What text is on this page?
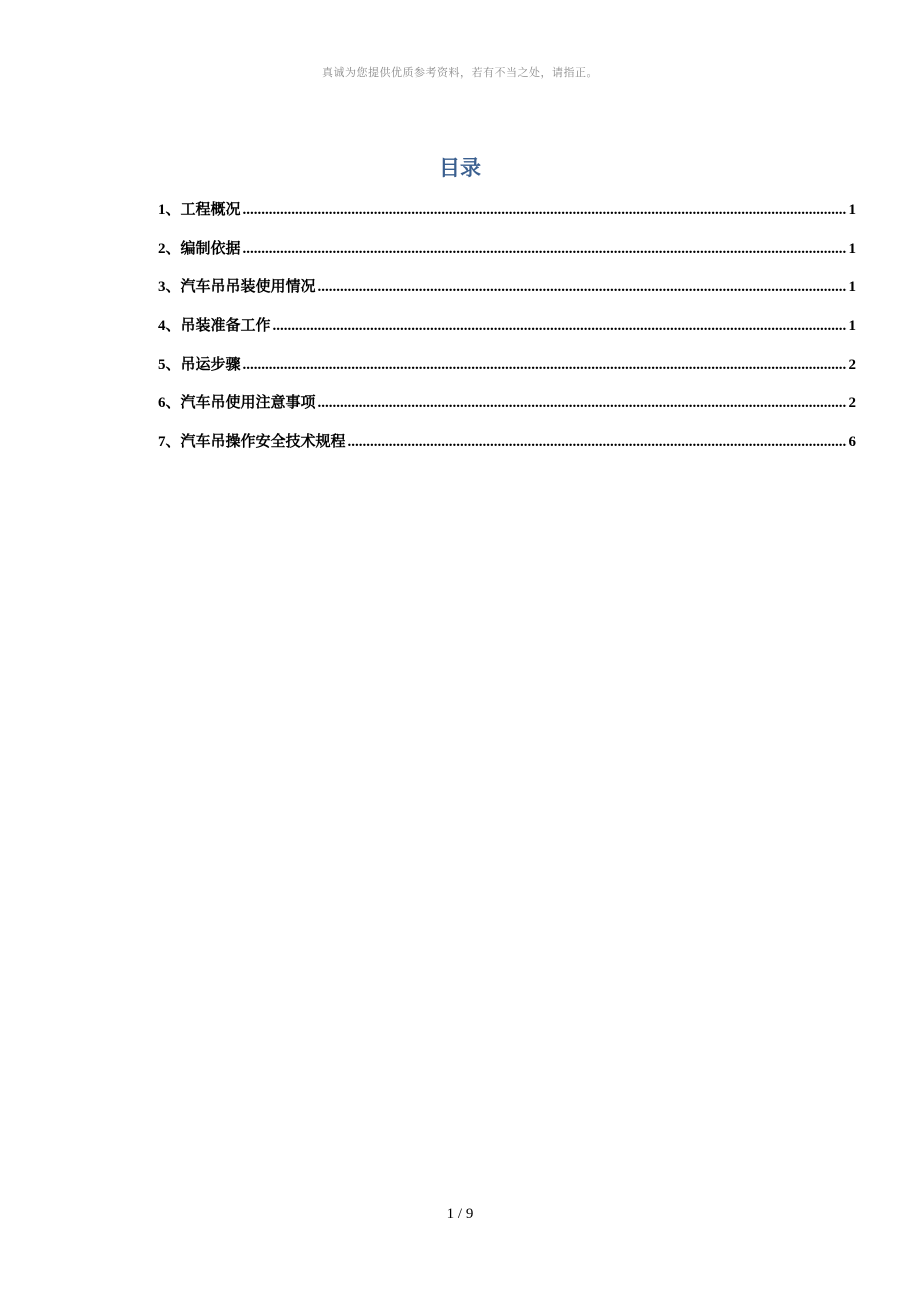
真诚为您提供优质参考资料，若有不当之处，请指正。
目录
1 、工程概况 .....	1
2 、编制依据 .....	1
3 、汽车吊吊装使用情况 .....	1
4 、吊装准备工作 .....	1
5 、吊运步骤 .....	2
6 、汽车吊使用注意事项 .....	2
7 、汽车吊操作安全技术规程 .....	6
1 / 9
